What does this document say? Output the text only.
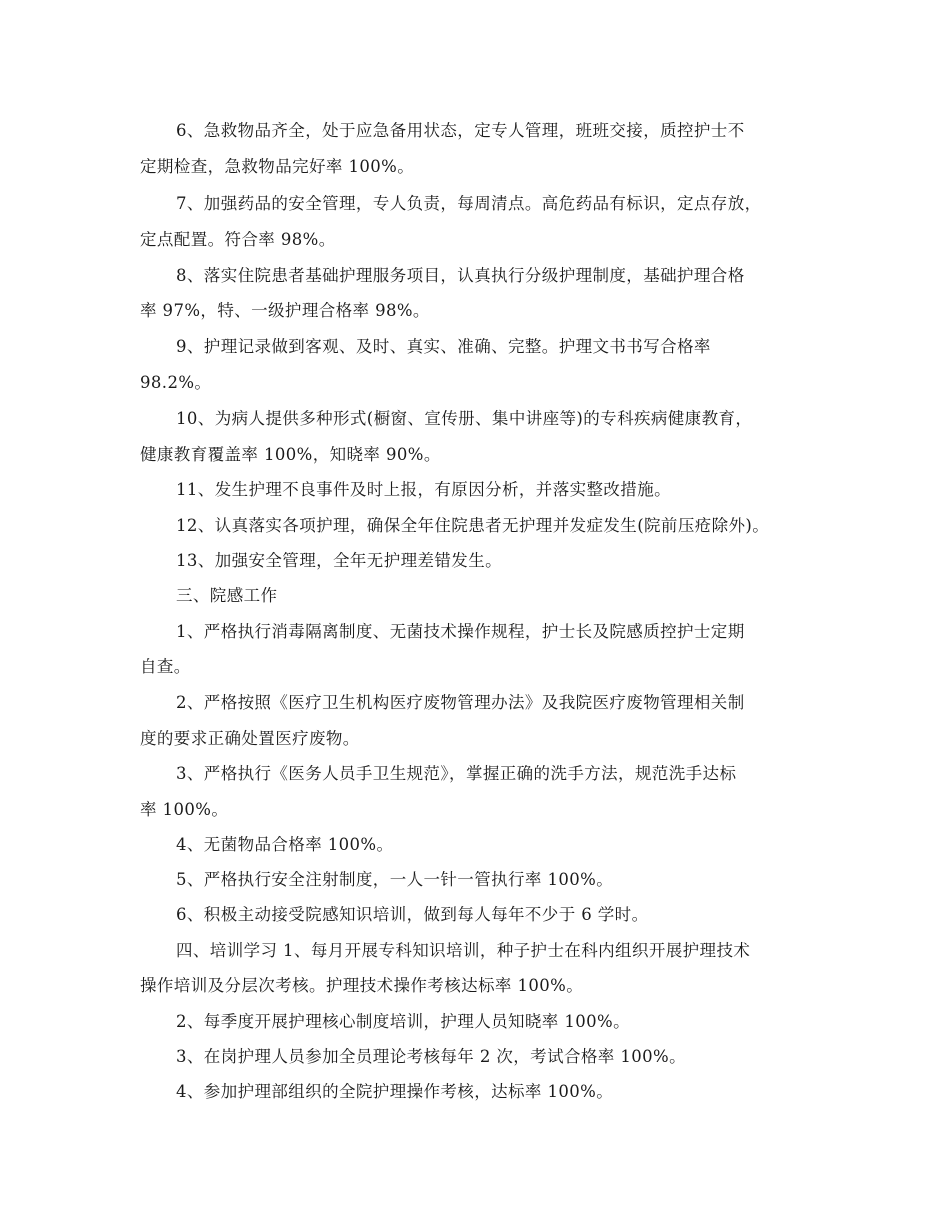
6、急救物品齐全，处于应急备用状态，定专人管理，班班交接，质控护士不
定期检查，急救物品完好率 100%。
7、加强药品的安全管理，专人负责，每周清点。高危药品有标识，定点存放，
定点配置。符合率 98%。
8、落实住院患者基础护理服务项目，认真执行分级护理制度，基础护理合格
率 97%，特、一级护理合格率 98%。
9、护理记录做到客观、及时、真实、准确、完整。护理文书书写合格率
98.2%。
10、为病人提供多种形式(橱窗、宣传册、集中讲座等)的专科疾病健康教育，
健康教育覆盖率 100%，知晓率 90%。
11、发生护理不良事件及时上报，有原因分析，并落实整改措施。
12、认真落实各项护理，确保全年住院患者无护理并发症发生(院前压疮除外)。
13、加强安全管理，全年无护理差错发生。
三、院感工作
1、严格执行消毒隔离制度、无菌技术操作规程，护士长及院感质控护士定期
自查。
2、严格按照《医疗卫生机构医疗废物管理办法》及我院医疗废物管理相关制
度的要求正确处置医疗废物。
3、严格执行《医务人员手卫生规范》，掌握正确的洗手方法，规范洗手达标
率 100%。
4、无菌物品合格率 100%。
5、严格执行安全注射制度，一人一针一管执行率 100%。
6、积极主动接受院感知识培训，做到每人每年不少于 6 学时。
四、培训学习 1、每月开展专科知识培训，种子护士在科内组织开展护理技术
操作培训及分层次考核。护理技术操作考核达标率 100%。
2、每季度开展护理核心制度培训，护理人员知晓率 100%。
3、在岗护理人员参加全员理论考核每年 2 次，考试合格率 100%。
4、参加护理部组织的全院护理操作考核，达标率 100%。
